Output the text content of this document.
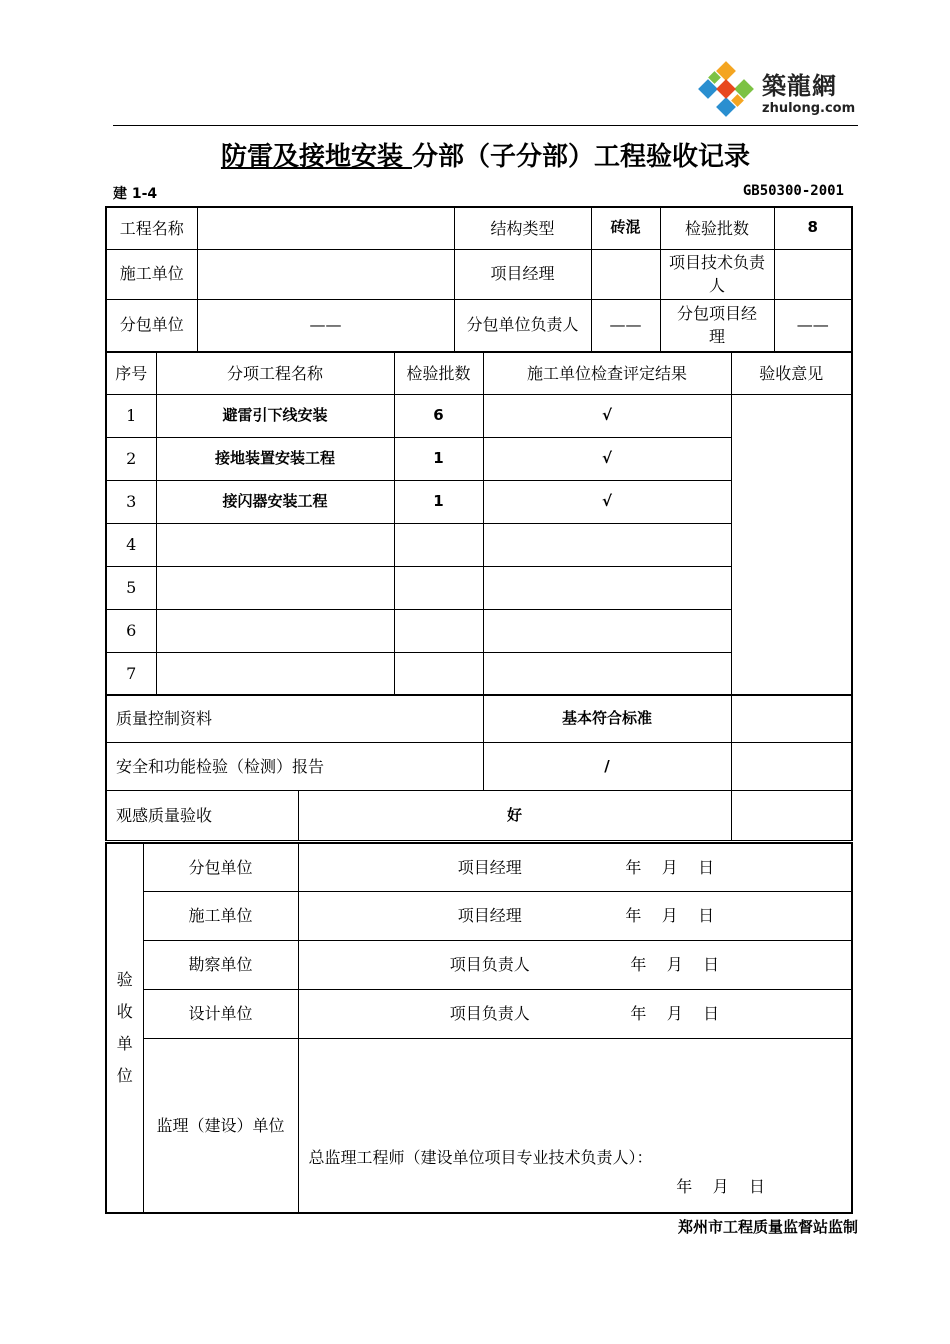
築龍網
zhulong.com
防雷及接地安装 分部（子分部）工程验收记录
建 1-4	GB50300-2001
工程名称		结构类型	砖混	检验批数	8
施工单位		项目经理		项目技术负责人	
分包单位	——	分包单位负责人	——	分包项目经理	——
序号	分项工程名称	检验批数	施工单位检查评定结果	验收意见
1	避雷引下线安装	6	√	
2	接地装置安装工程	1	√	
3	接闪器安装工程	1	√	
4				
5				
6				
7				
质量控制资料		基本符合标准	
安全和功能检验（检测）报告		/	
观感质量验收	好		
验
收
单
位	分包单位	项目经理 年    月    日
	施工单位	项目经理 年    月    日
	勘察单位	项目负责人 年    月    日
	设计单位	项目负责人 年    月    日
	监理（建设）单位	总监理工程师（建设单位项目专业技术负责人）：
年    月    日
郑州市工程质量监督站监制
